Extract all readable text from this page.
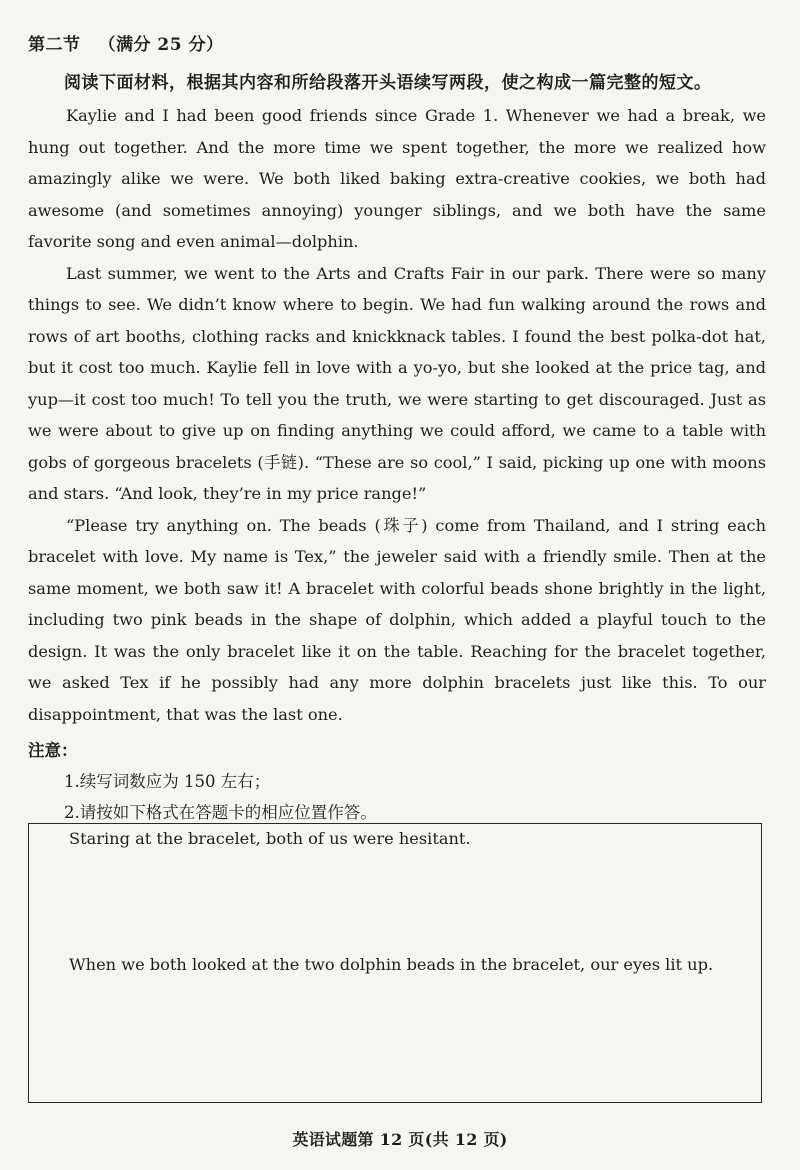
第二节 （满分 25 分）
阅读下面材料，根据其内容和所给段落开头语续写两段，使之构成一篇完整的短文。

Kaylie and I had been good friends since Grade 1. Whenever we had a break, we hung out together. And the more time we spent together, the more we realized how amazingly alike we were. We both liked baking extra-creative cookies, we both had awesome (and sometimes annoying) younger siblings, and we both have the same favorite song and even animal—dolphin.

Last summer, we went to the Arts and Crafts Fair in our park. There were so many things to see. We didn’t know where to begin. We had fun walking around the rows and rows of art booths, clothing racks and knickknack tables. I found the best polka-dot hat, but it cost too much. Kaylie fell in love with a yo-yo, but she looked at the price tag, and yup—it cost too much! To tell you the truth, we were starting to get discouraged. Just as we were about to give up on finding anything we could afford, we came to a table with gobs of gorgeous bracelets (手链). “These are so cool,” I said, picking up one with moons and stars. “And look, they’re in my price range!”

“Please try anything on. The beads (珠子) come from Thailand, and I string each bracelet with love. My name is Tex,” the jeweler said with a friendly smile. Then at the same moment, we both saw it! A bracelet with colorful beads shone brightly in the light, including two pink beads in the shape of dolphin, which added a playful touch to the design. It was the only bracelet like it on the table. Reaching for the bracelet together, we asked Tex if he possibly had any more dolphin bracelets just like this. To our disappointment, that was the last one.

注意：
1.续写词数应为 150 左右；
2.请按如下格式在答题卡的相应位置作答。
Staring at the bracelet, both of us were hesitant.
When we both looked at the two dolphin beads in the bracelet, our eyes lit up.
英语试题第 12 页(共 12 页)
